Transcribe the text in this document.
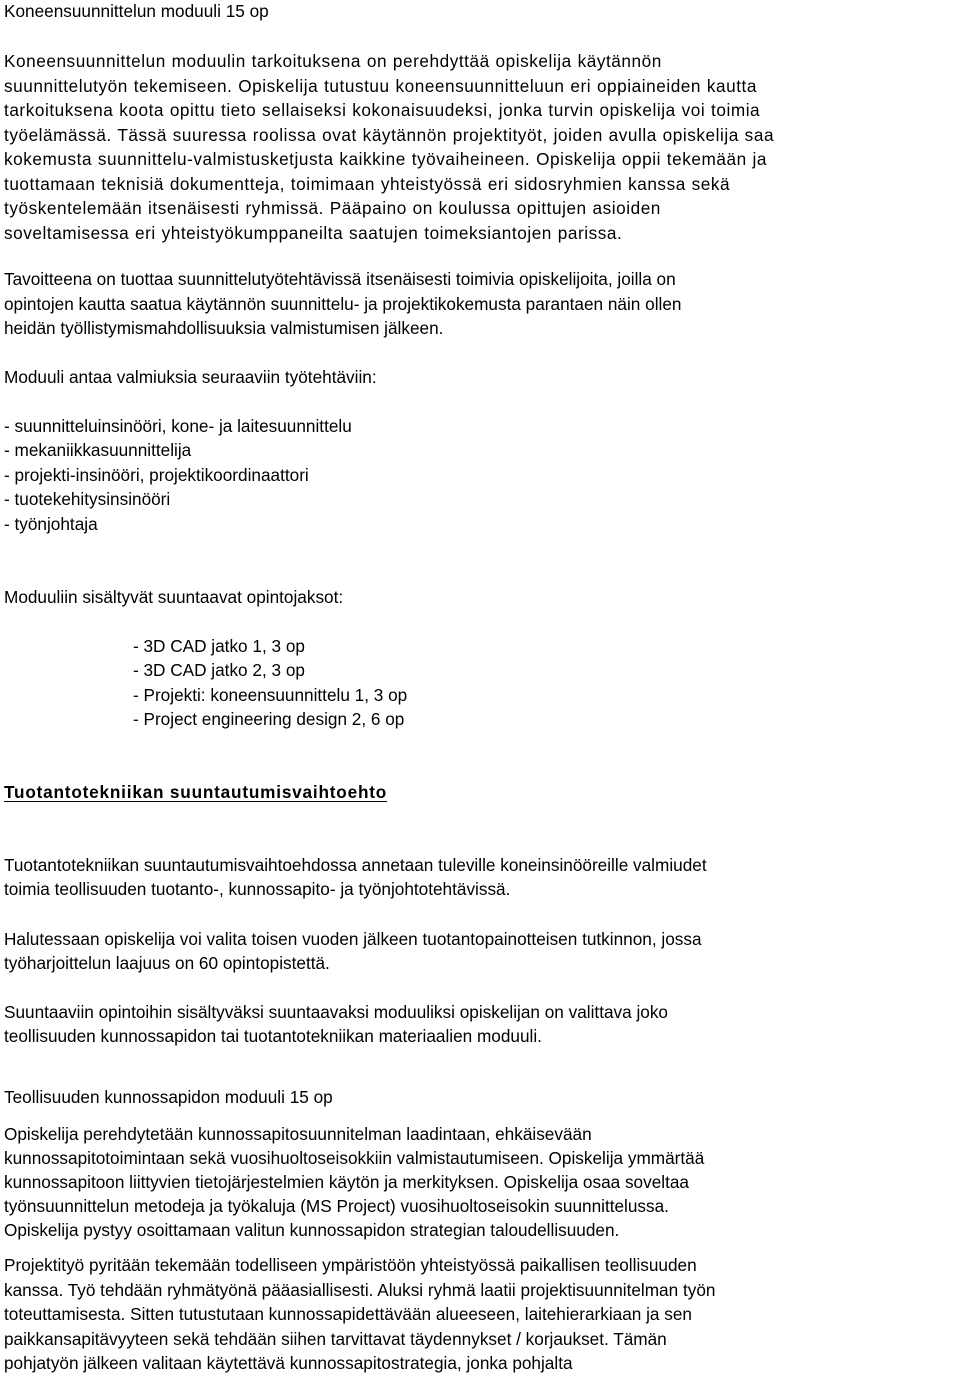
Koneensuunnittelun moduuli 15 op
Koneensuunnittelun moduulin tarkoituksena on perehdyttää opiskelija käytännön
suunnittelutyön tekemiseen. Opiskelija tutustuu koneensuunnitteluun eri oppiaineiden kautta
tarkoituksena koota opittu tieto sellaiseksi kokonaisuudeksi, jonka turvin opiskelija voi toimia
työelämässä. Tässä suuressa roolissa ovat käytännön projektityöt, joiden avulla opiskelija saa
kokemusta suunnittelu-valmistusketjusta kaikkine työvaiheineen. Opiskelija oppii tekemään ja
tuottamaan teknisiä dokumentteja, toimimaan yhteistyössä eri sidosryhmien kanssa sekä
työskentelemään itsenäisesti ryhmissä. Pääpaino on koulussa opittujen asioiden
soveltamisessa eri yhteistyökumppaneilta saatujen toimeksiantojen parissa.
Tavoitteena on tuottaa suunnittelutyötehtävissä itsenäisesti toimivia opiskelijoita, joilla on
opintojen kautta saatua käytännön suunnittelu- ja projektikokemusta parantaen näin ollen
heidän työllistymismahdollisuuksia valmistumisen jälkeen.
Moduuli antaa valmiuksia seuraaviin työtehtäviin:
- suunnitteluinsinööri, kone- ja laitesuunnittelu
- mekaniikkasuunnittelija
- projekti-insinööri, projektikoordinaattori
- tuotekehitysinsinööri
- työnjohtaja
Moduuliin sisältyvät suuntaavat opintojaksot:
- 3D CAD jatko 1, 3 op
- 3D CAD jatko 2, 3 op
- Projekti: koneensuunnittelu 1, 3 op
- Project engineering design 2, 6 op
Tuotantotekniikan suuntautumisvaihtoehto
Tuotantotekniikan suuntautumisvaihtoehdossa annetaan tuleville koneinsinööreille valmiudet
toimia teollisuuden tuotanto-, kunnossapito- ja työnjohtotehtävissä.
Halutessaan opiskelija voi valita toisen vuoden jälkeen tuotantopainotteisen tutkinnon, jossa
työharjoittelun laajuus on 60 opintopistettä.
Suuntaaviin opintoihin sisältyväksi suuntaavaksi moduuliksi opiskelijan on valittava joko
teollisuuden kunnossapidon tai tuotantotekniikan materiaalien moduuli.
Teollisuuden kunnossapidon moduuli 15 op
Opiskelija perehdytetään kunnossapitosuunnitelman laadintaan, ehkäisevään
kunnossapitotoimintaan sekä vuosihuoltoseisokkiin valmistautumiseen. Opiskelija ymmärtää
kunnossapitoon liittyvien tietojärjestelmien käytön ja merkityksen. Opiskelija osaa soveltaa
työnsuunnittelun metodeja ja työkaluja (MS Project) vuosihuoltoseisokin suunnittelussa.
Opiskelija pystyy osoittamaan valitun kunnossapidon strategian taloudellisuuden.
Projektityö pyritään tekemään todelliseen ympäristöön yhteistyössä paikallisen teollisuuden
kanssa. Työ tehdään ryhmätyönä pääasiallisesti. Aluksi ryhmä laatii projektisuunnitelman työn
toteuttamisesta. Sitten tutustutaan kunnossapidettävään alueeseen, laitehierarkiaan ja sen
paikkansapitävyyteen sekä tehdään siihen tarvittavat täydennykset / korjaukset. Tämän
pohjatyön jälkeen valitaan käytettävä kunnossapitostrategia, jonka pohjalta
